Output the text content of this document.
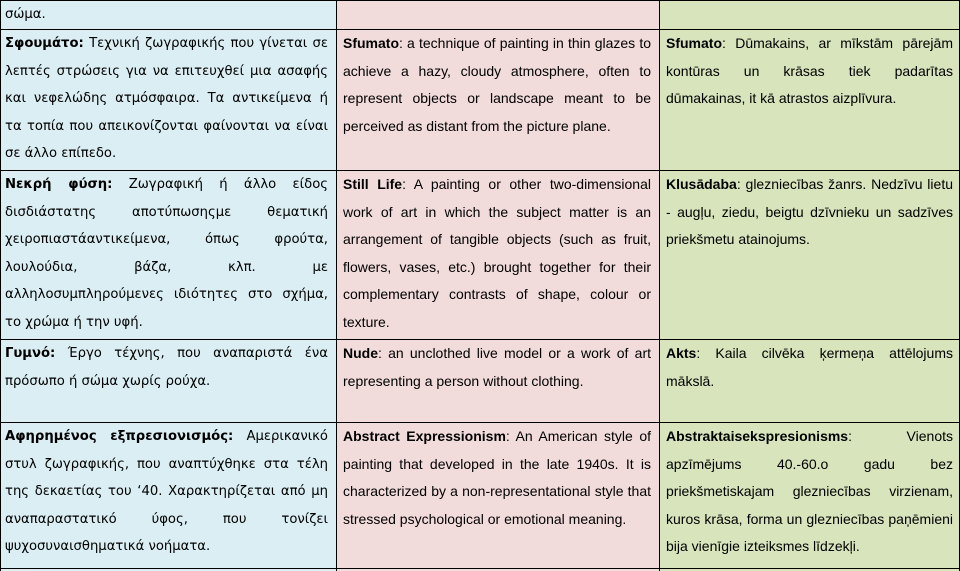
σώμα.
Σφουμάτο: Τεχνική ζωγραφικής που γίνεται σε λεπτές στρώσεις για να επιτευχθεί μια ασαφής και νεφελώδης ατμόσφαιρα. Τα αντικείμενα ή τα τοπία που απεικονίζονται φαίνονται να είναι σε άλλο επίπεδο.
Sfumato: a technique of painting in thin glazes to achieve a hazy, cloudy atmosphere, often to represent objects or landscape meant to be perceived as distant from the picture plane.
Sfumato: Dūmakains, ar mīkstām pārejām kontūras un krāsas tiek padarītas dūmakainas, it kā atrastos aizplīvura.
Νεκρή φύση: Ζωγραφική ή άλλο είδος δισδιάστατης αποτύπωσηςμε θεματική χειροπιαστάαντικείμενα, όπως φρούτα, λουλούδια, βάζα, κλπ. με αλληλοσυμπληρούμενες ιδιότητες στο σχήμα, το χρώμα ή την υφή.
Still Life: A painting or other two-dimensional work of art in which the subject matter is an arrangement of tangible objects (such as fruit, flowers, vases, etc.) brought together for their complementary contrasts of shape, colour or texture.
Klusādaba: glezniecības žanrs. Nedzīvu lietu - augļu, ziedu, beigtu dzīvnieku un sadzīves priekšmetu atainojums.
Γυμνό: Έργο τέχνης, που αναπαριστά ένα πρόσωπο ή σώμα χωρίς ρούχα.
Nude: an unclothed live model or a work of art representing a person without clothing.
Akts: Kaila cilvēka ķermeņa attēlojums mākslā.
Αφηρημένος εξπρεσιονισμός: Αμερικανικό στυλ ζωγραφικής, που αναπτύχθηκε στα τέλη της δεκαετίας του ‘40. Χαρακτηρίζεται από μη αναπαραστατικό ύφος, που τονίζει ψυχοσυναισθηματικά νοήματα.
Abstract Expressionism: An American style of painting that developed in the late 1940s. It is characterized by a non-representational style that stressed psychological or emotional meaning.
Abstraktaisekspresionisms: Vienots apzīmējums 40.-60.o gadu bez priekšmetiskajam glezniecības virzienam, kuros krāsa, forma un glezniecības paņēmieni bija vienīgie izteiksmes līdzekļi.
